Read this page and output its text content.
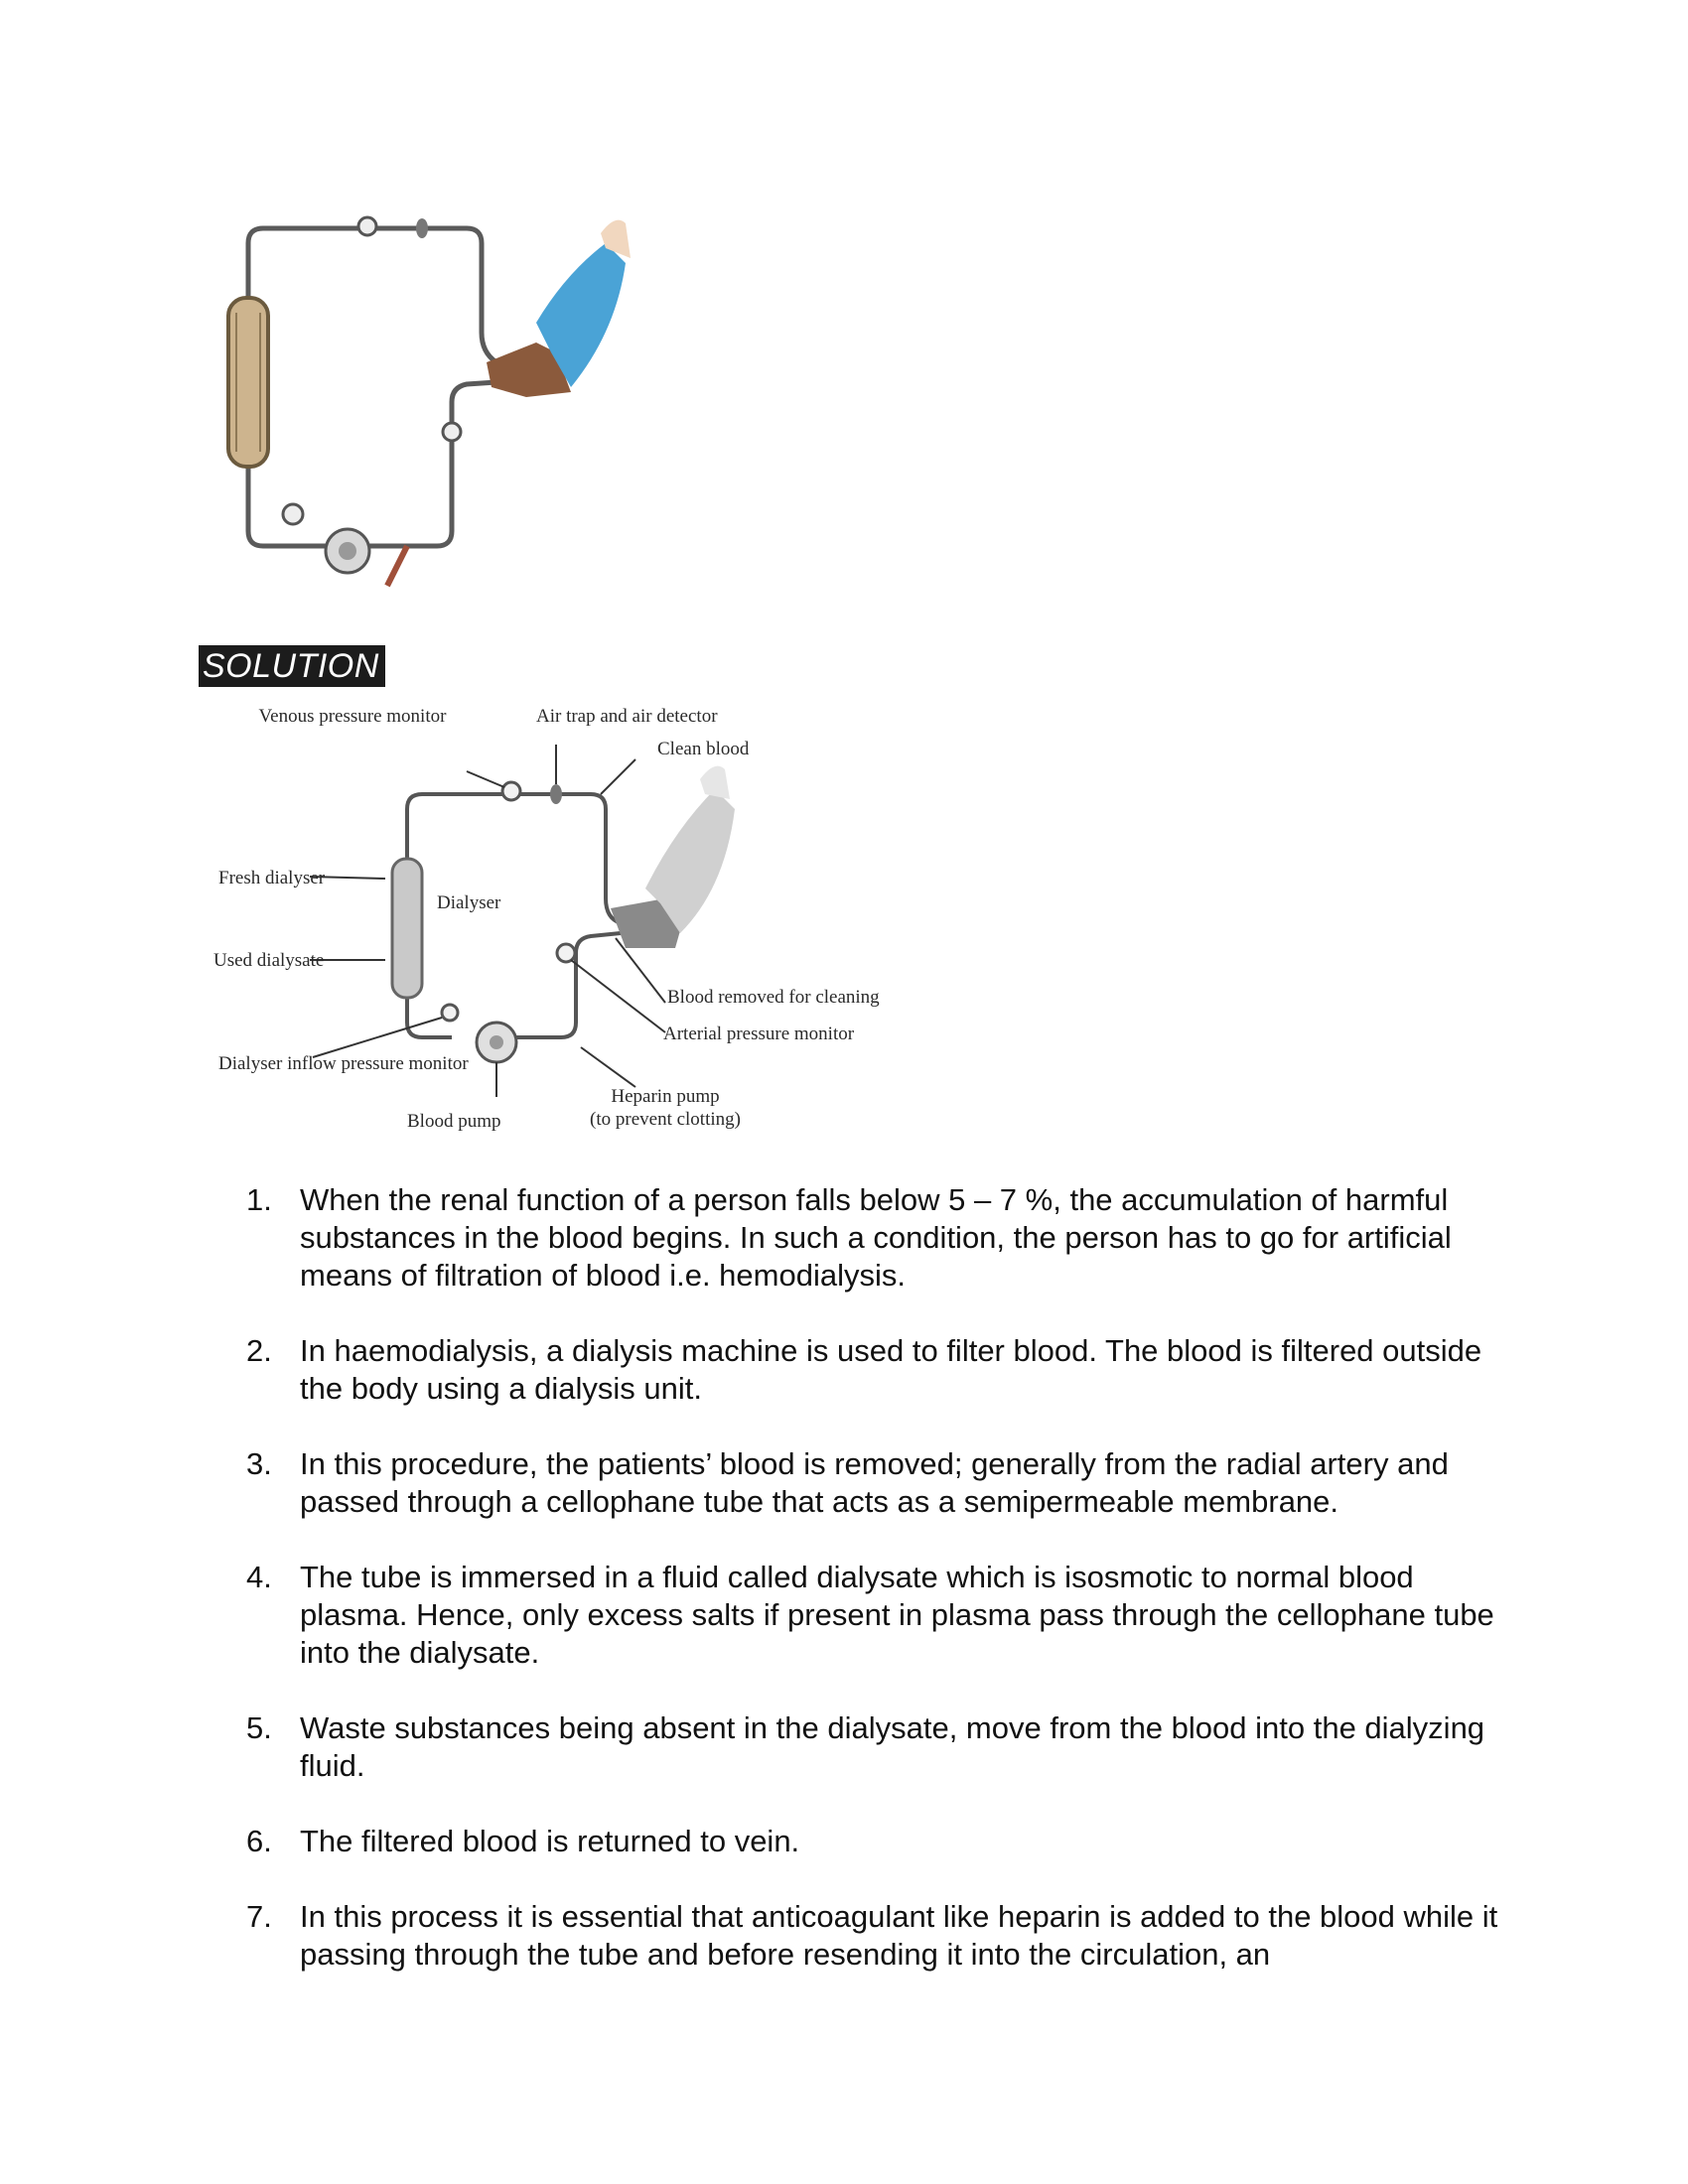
SOLUTION
Venous pressure monitor	Air trap and air detector
Clean blood
Fresh dialyser
Dialyser
Used dialysate
Blood removed for cleaning
Arterial pressure monitor
Dialyser inflow pressure monitor
Blood pump
Heparin pump
(to prevent clotting)
1. When the renal function of a person falls below 5 – 7 %, the accumulation of harmful substances in the blood begins. In such a condition, the person has to go for artificial means of filtration of blood i.e. hemodialysis.
2. In haemodialysis, a dialysis machine is used to filter blood. The blood is filtered outside the body using a dialysis unit.
3. In this procedure, the patients’ blood is removed; generally from the radial artery and passed through a cellophane tube that acts as a semipermeable membrane.
4. The tube is immersed in a fluid called dialysate which is isosmotic to normal blood plasma. Hence, only excess salts if present in plasma pass through the cellophane tube into the dialysate.
5. Waste substances being absent in the dialysate, move from the blood into the dialyzing fluid.
6. The filtered blood is returned to vein.
7. In this process it is essential that anticoagulant like heparin is added to the blood while it passing through the tube and before resending it into the circulation, an
